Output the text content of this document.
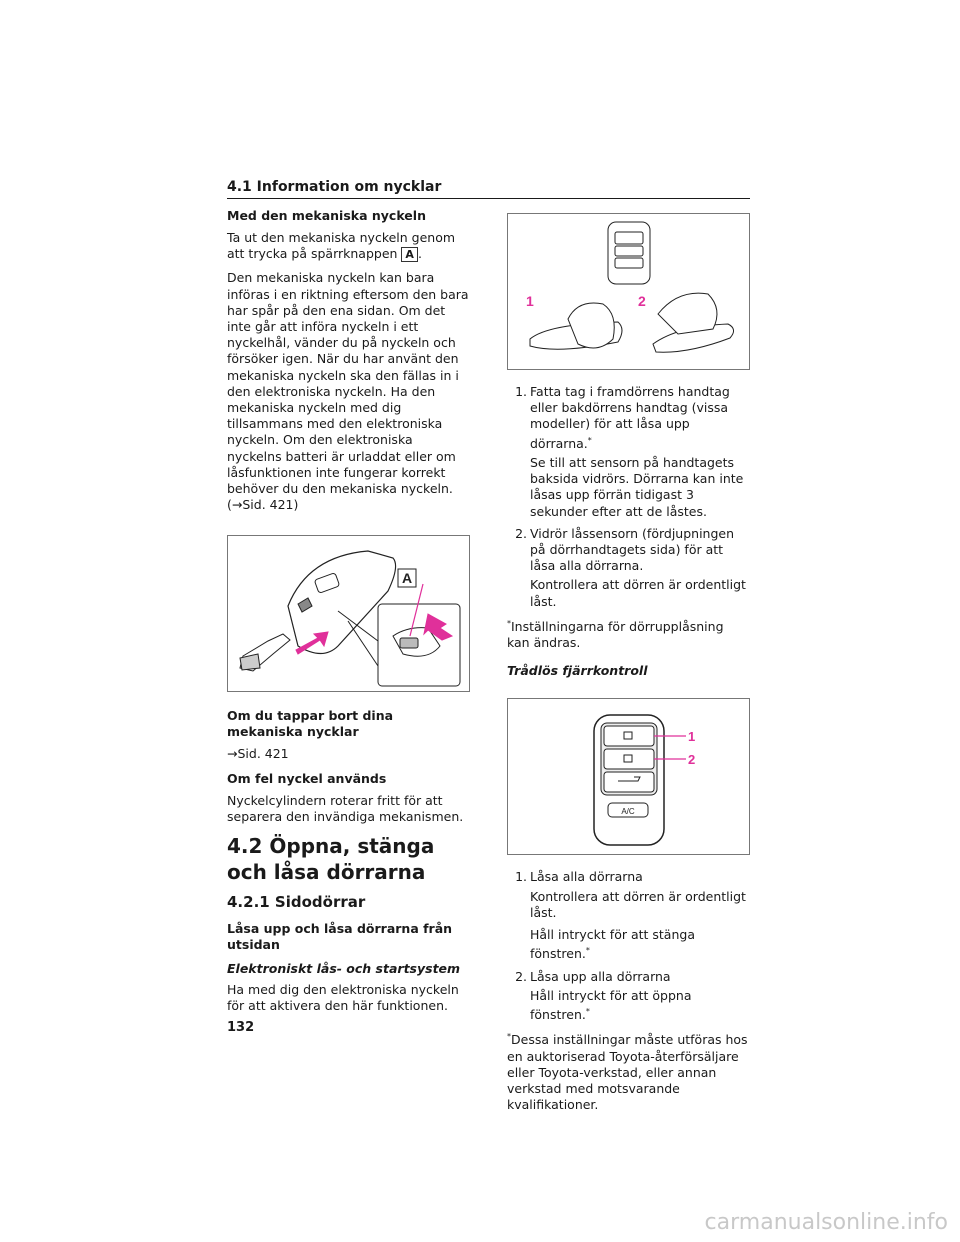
4.1 Information om nycklar
Med den mekaniska nyckeln

Ta ut den mekaniska nyckeln genom att trycka på spärrknappen A .

Den mekaniska nyckeln kan bara införas i en riktning eftersom den bara har spår på den ena sidan. Om det inte går att införa nyckeln i ett nyckelhål, vänder du på nyckeln och försöker igen. När du har använt den mekaniska nyckeln ska den fällas in i den elektroniska nyckeln. Ha den mekaniska nyckeln med dig tillsammans med den elektroniska nyckeln. Om den elektroniska nyckelns batteri är urladdat eller om låsfunktionen inte fungerar korrekt behöver du den mekaniska nyckeln. (→Sid. 421)

A
Om du tappar bort dina mekaniska nycklar

→Sid. 421

Om fel nyckel används

Nyckelcylindern roterar fritt för att separera den invändiga mekanismen.

4.2 Öppna, stänga och låsa dörrarna
4.2.1 Sidodörrar
Låsa upp och låsa dörrarna från utsidan
Elektroniskt lås- och startsystem

Ha med dig den elektroniska nyckeln för att aktivera den här funktionen.

1	2
1. Fatta tag i framdörrens handtag eller bakdörrens handtag (vissa modeller) för att låsa upp dörrarna.*
Se till att sensorn på handtagets baksida vidrörs. Dörrarna kan inte låsas upp förrän tidigast 3 sekunder efter att de låstes.
2. Vidrör låssensorn (fördjupningen på dörrhandtagets sida) för att låsa alla dörrarna.
Kontrollera att dörren är ordentligt låst.

*Inställningarna för dörrupplåsning kan ändras.

Trådlös fjärrkontroll
A/C
1
2
1. Låsa alla dörrarna
Kontrollera att dörren är ordentligt låst.
Håll intryckt för att stänga fönstren.*
2. Låsa upp alla dörrarna
Håll intryckt för att öppna fönstren.*

*Dessa inställningar måste utföras hos en auktoriserad Toyota-återförsäljare eller Toyota-verkstad, eller annan verkstad med motsvarande kvalifikationer.

132
carmanualsonline.info
